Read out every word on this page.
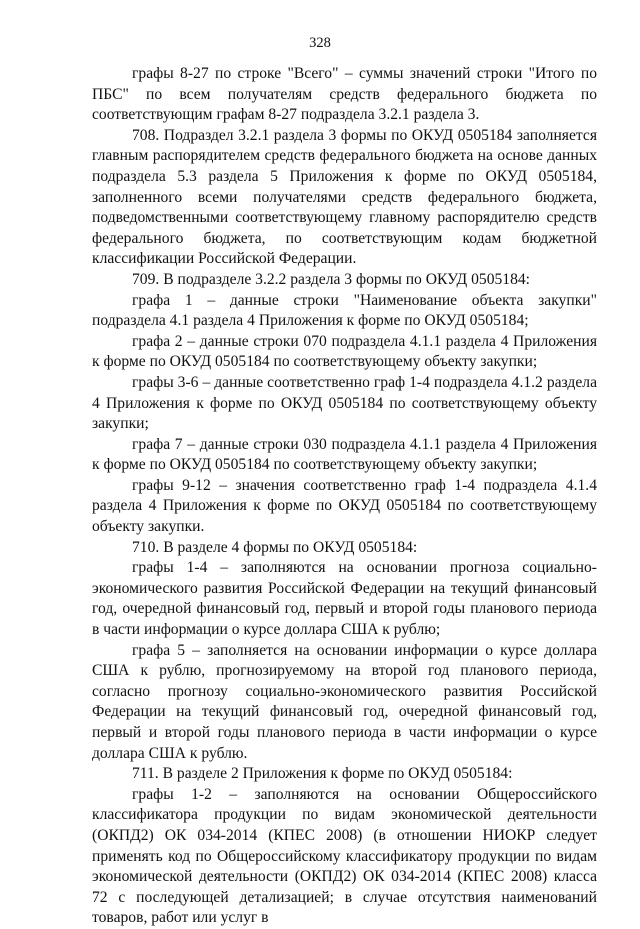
328

графы 8-27 по строке "Всего" – суммы значений строки "Итого по ПБС" по всем получателям средств федерального бюджета по соответствующим графам 8-27 подраздела 3.2.1 раздела 3.

708. Подраздел 3.2.1 раздела 3 формы по ОКУД 0505184 заполняется главным распорядителем средств федерального бюджета на основе данных подраздела 5.3 раздела 5 Приложения к форме по ОКУД 0505184, заполненного всеми получателями средств федерального бюджета, подведомственными соответствующему главному распорядителю средств федерального бюджета, по соответствующим кодам бюджетной классификации Российской Федерации.

709. В подразделе 3.2.2 раздела 3 формы по ОКУД 0505184:

графа 1 – данные строки "Наименование объекта закупки" подраздела 4.1 раздела 4 Приложения к форме по ОКУД 0505184;

графа 2 – данные строки 070 подраздела 4.1.1 раздела 4 Приложения к форме по ОКУД 0505184 по соответствующему объекту закупки;

графы 3-6 – данные соответственно граф 1-4 подраздела 4.1.2 раздела 4 Приложения к форме по ОКУД 0505184 по соответствующему объекту закупки;

графа 7 – данные строки 030 подраздела 4.1.1 раздела 4 Приложения к форме по ОКУД 0505184 по соответствующему объекту закупки;

графы 9-12 – значения соответственно граф 1-4 подраздела 4.1.4 раздела 4 Приложения к форме по ОКУД 0505184 по соответствующему объекту закупки.

710. В разделе 4 формы по ОКУД 0505184:

графы 1-4 – заполняются на основании прогноза социально-экономического развития Российской Федерации на текущий финансовый год, очередной финансовый год, первый и второй годы планового периода в части информации о курсе доллара США к рублю;

графа 5 – заполняется на основании информации о курсе доллара США к рублю, прогнозируемому на второй год планового периода, согласно прогнозу социально-экономического развития Российской Федерации на текущий финансовый год, очередной финансовый год, первый и второй годы планового периода в части информации о курсе доллара США к рублю.

711. В разделе 2 Приложения к форме по ОКУД 0505184:

графы 1-2 – заполняются на основании Общероссийского классификатора продукции по видам экономической деятельности (ОКПД2) ОК 034-2014 (КПЕС 2008) (в отношении НИОКР следует применять код по Общероссийскому классификатору продукции по видам экономической деятельности (ОКПД2) ОК 034-2014 (КПЕС 2008) класса 72 с последующей детализацией; в случае отсутствия наименований товаров, работ или услуг в
